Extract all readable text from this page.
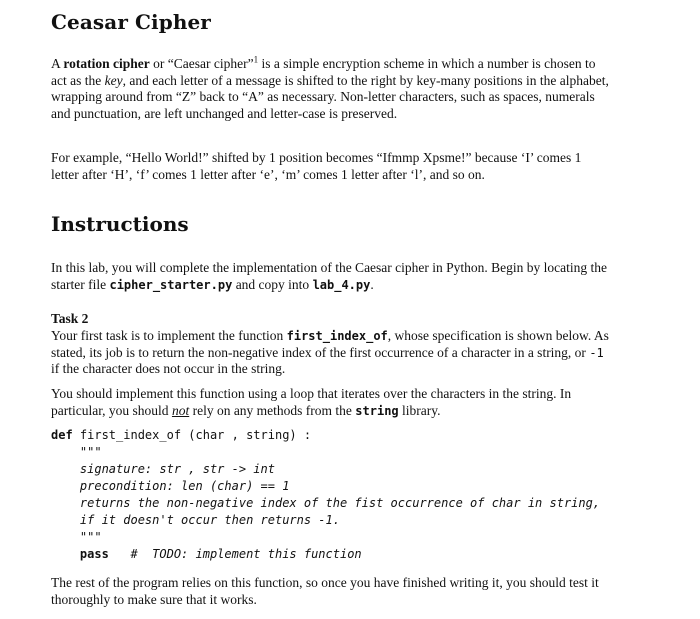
Ceasar Cipher

A rotation cipher or “Caesar cipher”$^1$ is a simple encryption scheme in which a number is chosen to act as the key, and each letter of a message is shifted to the right by key-many positions in the alphabet, wrapping around from “Z” back to “A” as necessary. Non-letter characters, such as spaces, numerals and punctuation, are left unchanged and letter-case is preserved.

For example, “Hello World!” shifted by 1 position becomes “Ifmmp Xpsme!” because ‘I’ comes 1 letter after ‘H’, ‘f’ comes 1 letter after ‘e’, ‘m’ comes 1 letter after ‘l’, and so on.

Instructions

In this lab, you will complete the implementation of the Caesar cipher in Python. Begin by locating the starter file cipher_starter.py and copy into lab_4.py.

Task 2

Your first task is to implement the function first_index_of, whose specification is shown below. As stated, its job is to return the non-negative index of the first occurrence of a character in a string, or -1 if the character does not occur in the string.

You should implement this function using a loop that iterates over the characters in the string. In particular, you should not rely on any methods from the string library.

def first_index_of (char , string) :
"""
signature: str , str -> int
precondition: len (char) == 1
returns the non-negative index of the fist occurrence of char in string,
if it doesn't occur then returns -1.
"""
pass   #  TODO: implement this function

The rest of the program relies on this function, so once you have finished writing it, you should test it thoroughly to make sure that it works.
